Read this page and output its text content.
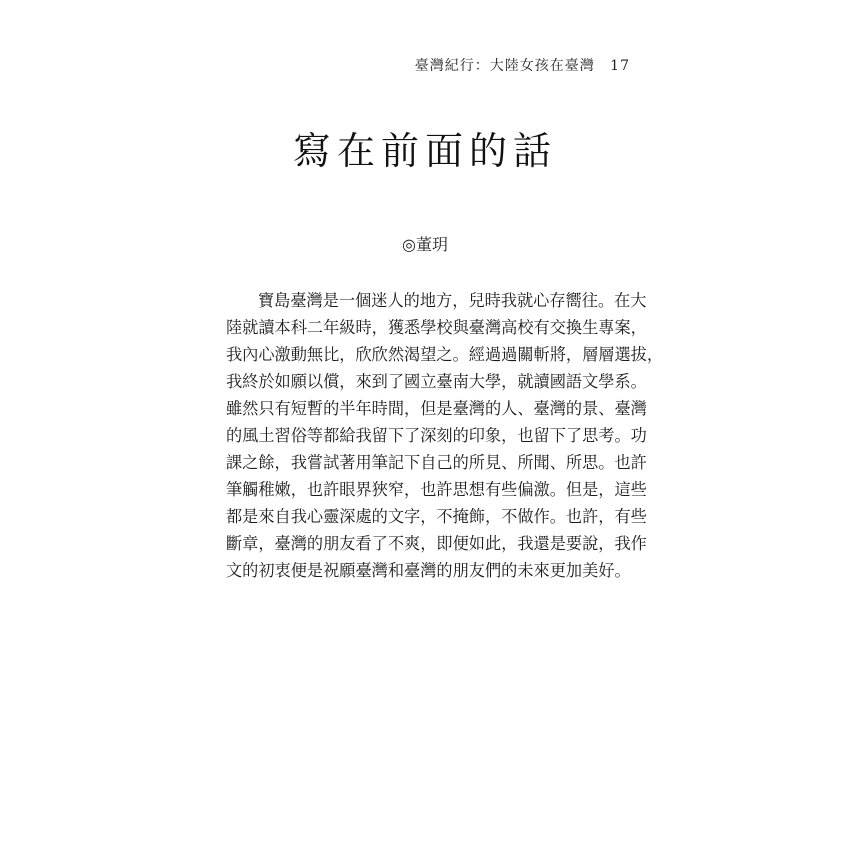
臺灣紀行：大陸女孩在臺灣 17
寫在前面的話
◎董玥
寶島臺灣是一個迷人的地方，兒時我就心存嚮往。在大
陸就讀本科二年級時，獲悉學校與臺灣高校有交換生專案，
我內心激動無比，欣欣然渴望之。經過過關斬將，層層選拔，
我終於如願以償，來到了國立臺南大學，就讀國語文學系。
雖然只有短暫的半年時間，但是臺灣的人、臺灣的景、臺灣
的風土習俗等都給我留下了深刻的印象，也留下了思考。功
課之餘，我嘗試著用筆記下自己的所見、所聞、所思。也許
筆觸稚嫩，也許眼界狹窄，也許思想有些偏激。但是，這些
都是來自我心靈深處的文字，不掩飾，不做作。也許，有些
斷章，臺灣的朋友看了不爽，即便如此，我還是要說，我作
文的初衷便是祝願臺灣和臺灣的朋友們的未來更加美好。
